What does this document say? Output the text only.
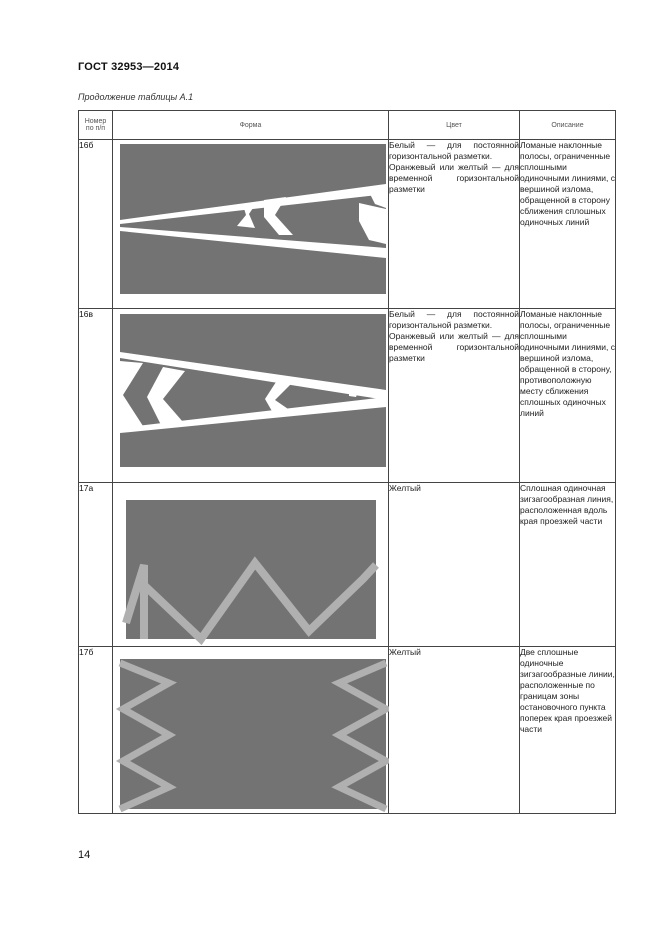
ГОСТ 32953—2014
Продолжение таблицы А.1
Номер по п/п	Форма	Цвет	Описание
16б		Белый — для постоянной горизонтальной разметки.
Оранжевый или желтый — для временной горизонтальной разметки	Ломаные наклонные полосы, ограниченные сплошными одиночными линиями, с вершиной излома, обращенной в сторону сближения сплошных одиночных линий
16в		Белый — для постоянной горизонтальной разметки.
Оранжевый или желтый — для временной горизонтальной разметки	Ломаные наклонные полосы, ограниченные сплошными одиночными линиями, с вершиной излома, обращенной в сторону, противоположную месту сближения сплошных одиночных линий
17а		Желтый	Сплошная одиночная зигзагообразная линия, расположенная вдоль края проезжей части
17б		Желтый	Две сплошные одиночные зигзагообразные линии, расположенные по границам зоны остановочного пункта поперек края проезжей части
14
